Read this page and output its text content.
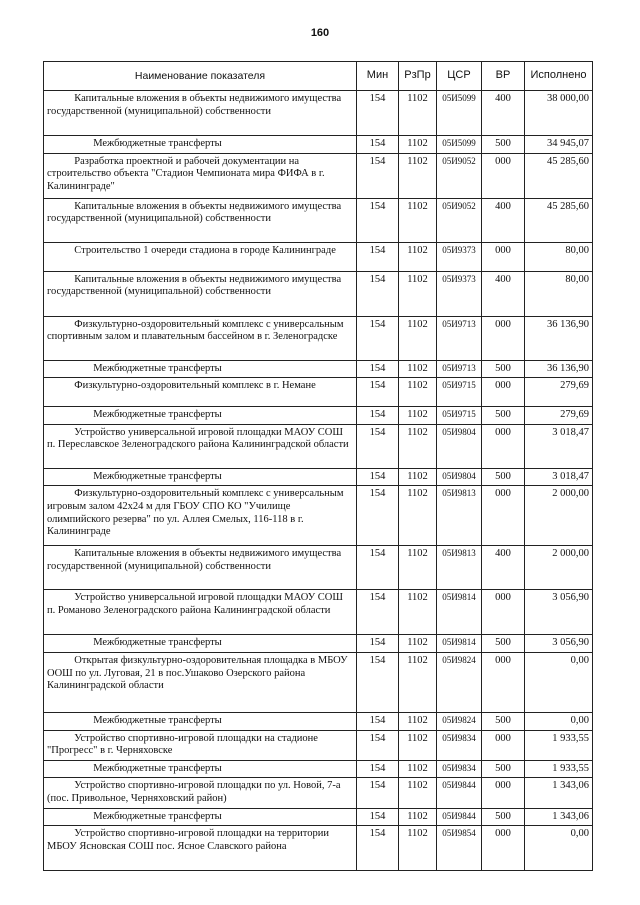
160
Наименование показателя	Мин	РзПр	ЦСР	ВР	Исполнено
Капитальные вложения в объекты недвижимого имущества государственной (муниципальной) собственности	154	1102	05И5099	400	38 000,00
Межбюджетные трансферты	154	1102	05И5099	500	34 945,07
Разработка проектной и рабочей документации на строительство объекта "Стадион Чемпионата мира ФИФА в г. Калининграде"	154	1102	05И9052	000	45 285,60
Капитальные вложения в объекты недвижимого имущества государственной (муниципальной) собственности	154	1102	05И9052	400	45 285,60
Строительство 1 очереди стадиона в городе Калининграде	154	1102	05И9373	000	80,00
Капитальные вложения в объекты недвижимого имущества государственной (муниципальной) собственности	154	1102	05И9373	400	80,00
Физкультурно-оздоровительный комплекс с универсальным спортивным залом и плавательным бассейном в г. Зеленоградске	154	1102	05И9713	000	36 136,90
Межбюджетные трансферты	154	1102	05И9713	500	36 136,90
Физкультурно-оздоровительный комплекс в г. Немане	154	1102	05И9715	000	279,69
Межбюджетные трансферты	154	1102	05И9715	500	279,69
Устройство универсальной игровой площадки МАОУ СОШ п. Переславское Зеленоградского района Калининградской области	154	1102	05И9804	000	3 018,47
Межбюджетные трансферты	154	1102	05И9804	500	3 018,47
Физкультурно-оздоровительный комплекс с универсальным игровым залом 42х24 м для ГБОУ СПО КО "Училище олимпийского резерва" по ул. Аллея Смелых, 116-118 в г. Калининграде	154	1102	05И9813	000	2 000,00
Капитальные вложения в объекты недвижимого имущества государственной (муниципальной) собственности	154	1102	05И9813	400	2 000,00
Устройство универсальной игровой площадки МАОУ СОШ п. Романово Зеленоградского района Калининградской области	154	1102	05И9814	000	3 056,90
Межбюджетные трансферты	154	1102	05И9814	500	3 056,90
Открытая физкультурно-оздоровительная площадка в МБОУ ООШ по ул. Луговая, 21 в пос.Ушаково Озерского района Калининградской области	154	1102	05И9824	000	0,00
Межбюджетные трансферты	154	1102	05И9824	500	0,00
Устройство спортивно-игровой площадки на стадионе "Прогресс" в г. Черняховске	154	1102	05И9834	000	1 933,55
Межбюджетные трансферты	154	1102	05И9834	500	1 933,55
Устройство спортивно-игровой площадки по ул. Новой, 7-а (пос. Привольное, Черняховский район)	154	1102	05И9844	000	1 343,06
Межбюджетные трансферты	154	1102	05И9844	500	1 343,06
Устройство спортивно-игровой площадки на территории МБОУ Ясновская СОШ пос. Ясное Славского района	154	1102	05И9854	000	0,00
